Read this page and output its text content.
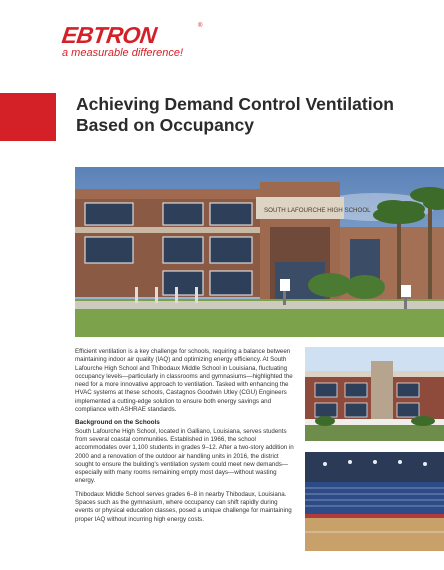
EBTRON	®
a measurable difference!
Achieving Demand Control Ventilation
Based on Occupancy
SOUTH LAFOURCHE HIGH SCHOOL

Efficient ventilation is a key challenge for schools, requiring a balance between maintaining indoor air quality (IAQ) and optimizing energy efficiency. At South Lafourche High School and Thibodaux Middle School in Louisiana, fluctuating occupancy levels—particularly in classrooms and gymnasiums—highlighted the need for a more innovative approach to ventilation. Tasked with enhancing the HVAC systems at these schools, Castagnos Goodwin Utley (CGU) Engineers implemented a cutting-edge solution to ensure both energy savings and compliance with ASHRAE standards.

Background on the Schools

South Lafourche High School, located in Galliano, Louisiana, serves students from several coastal communities. Established in 1966, the school accommodates over 1,100 students in grades 9–12. After a two-story addition in 2000 and a renovation of the outdoor air handling units in 2016, the district sought to ensure the building's ventilation system could meet new demands—especially with many rooms remaining empty most days—without wasting energy.

Thibodaux Middle School serves grades 6–8 in nearby Thibodaux, Louisiana. Spaces such as the gymnasium, where occupancy can shift rapidly during events or physical education classes, posed a unique challenge for maintaining proper IAQ without incurring high energy costs.
